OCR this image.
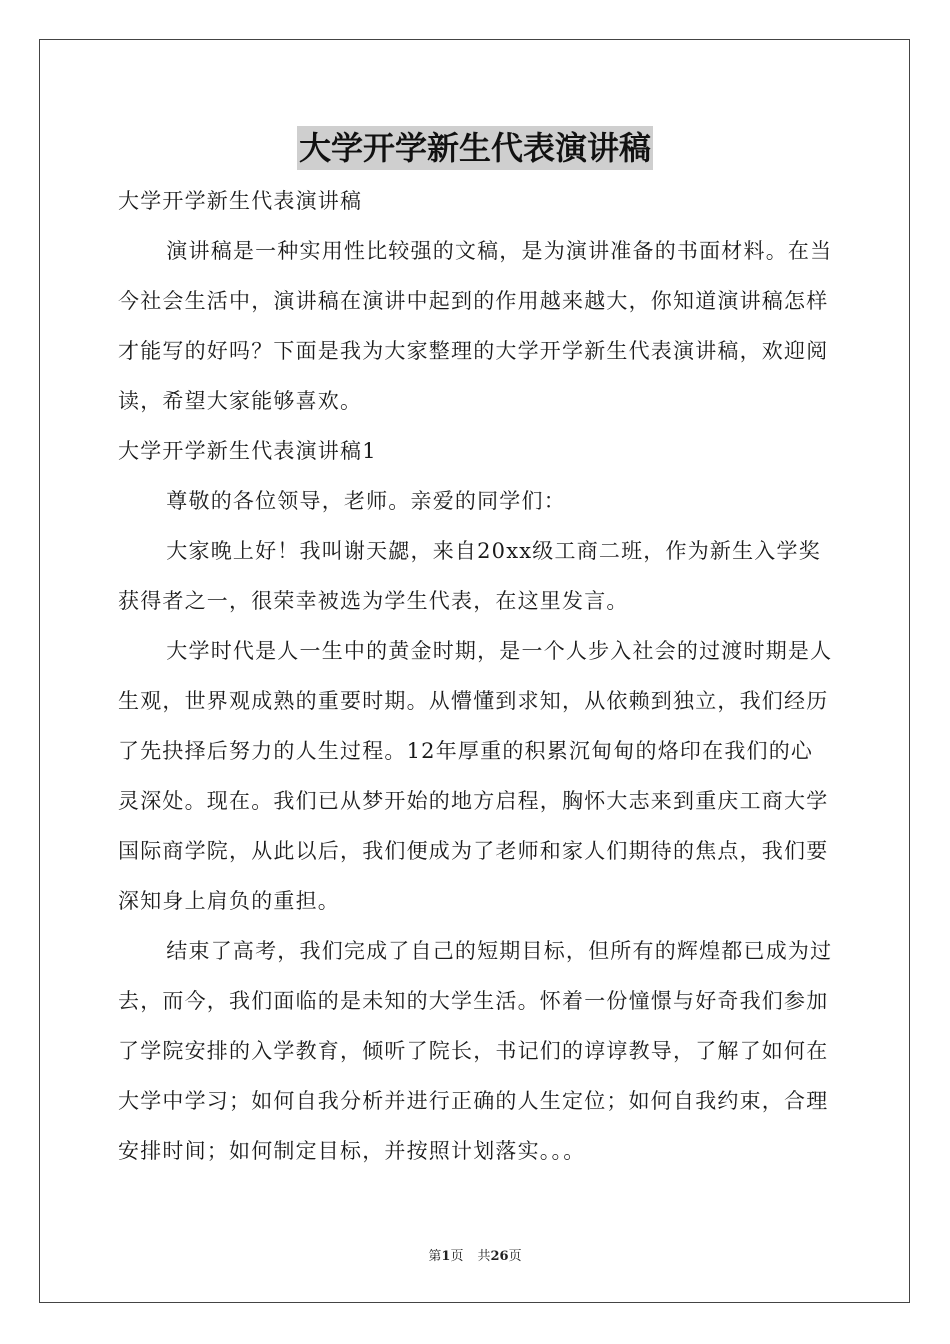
大学开学新生代表演讲稿

大学开学新生代表演讲稿

演讲稿是一种实用性比较强的文稿，是为演讲准备的书面材料。在当今社会生活中，演讲稿在演讲中起到的作用越来越大，你知道演讲稿怎样才能写的好吗？下面是我为大家整理的大学开学新生代表演讲稿，欢迎阅读，希望大家能够喜欢。

大学开学新生代表演讲稿1

尊敬的各位领导，老师。亲爱的同学们：

大家晚上好！我叫谢天勰，来自20xx级工商二班，作为新生入学奖获得者之一，很荣幸被选为学生代表，在这里发言。

大学时代是人一生中的黄金时期，是一个人步入社会的过渡时期是人生观，世界观成熟的重要时期。从懵懂到求知，从依赖到独立，我们经历了先抉择后努力的人生过程。12年厚重的积累沉甸甸的烙印在我们的心灵深处。现在。我们已从梦开始的地方启程，胸怀大志来到重庆工商大学国际商学院，从此以后，我们便成为了老师和家人们期待的焦点，我们要深知身上肩负的重担。

结束了高考，我们完成了自己的短期目标，但所有的辉煌都已成为过去，而今，我们面临的是未知的大学生活。怀着一份憧憬与好奇我们参加了学院安排的入学教育，倾听了院长，书记们的谆谆教导，了解了如何在大学中学习；如何自我分析并进行正确的人生定位；如何自我约束，合理安排时间；如何制定目标，并按照计划落实。。。

第1页 共26页
